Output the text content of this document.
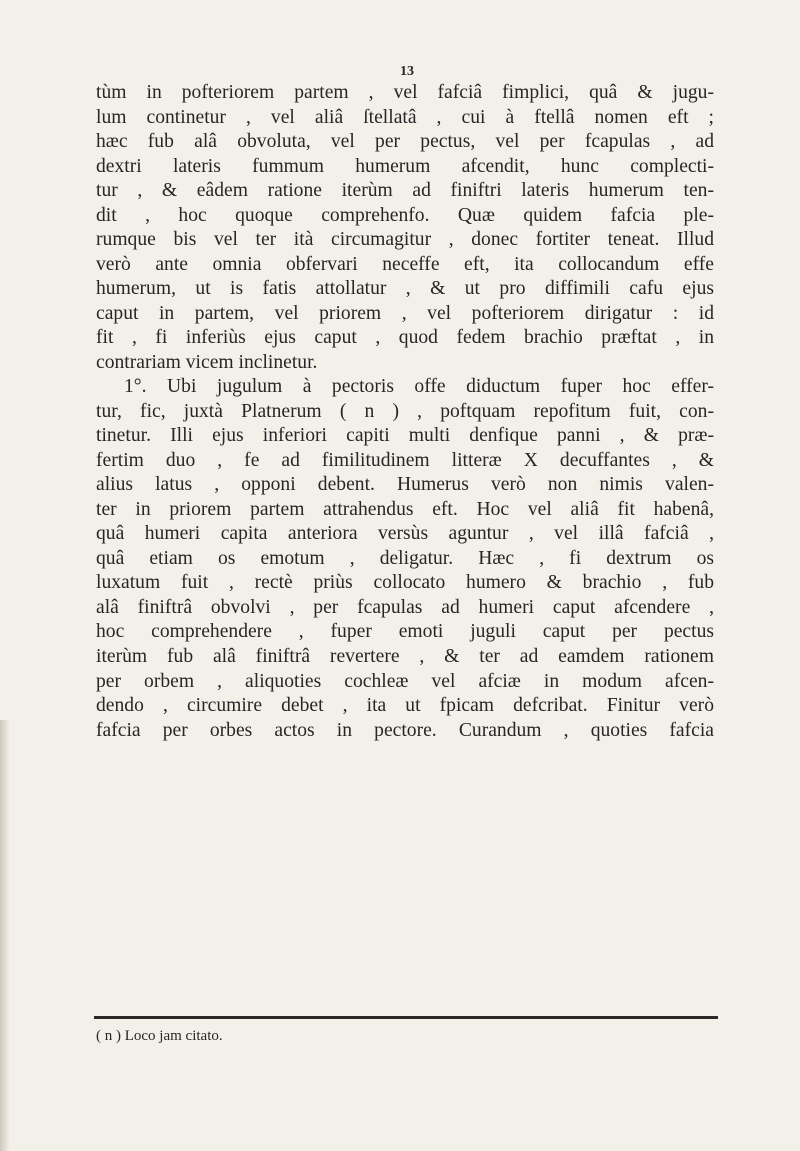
13
tùm in pofteriorem partem , vel fafciâ fimplici, quâ & jugu-
lum continetur , vel aliâ ſtellatâ , cui à ftellâ nomen eft ;
hæc fub alâ obvoluta, vel per pectus, vel per fcapulas , ad
dextri lateris fummum humerum afcendit, hunc complecti-
tur , & eâdem ratione iterùm ad finiftri lateris humerum ten-
dit , hoc quoque comprehenfo. Quæ quidem fafcia ple-
rumque bis vel ter ità circumagitur , donec fortiter teneat. Illud
verò ante omnia obfervari neceffe eft, ita collocandum effe
humerum, ut is fatis attollatur , & ut pro diffimili cafu ejus
caput in partem, vel priorem , vel pofteriorem dirigatur : id
fit , fi inferiùs ejus caput , quod fedem brachio præftat , in
contrariam vicem inclinetur.
1°. Ubi jugulum à pectoris offe diductum fuper hoc effer-
tur, fic, juxtà Platnerum ( n ) , poftquam repofitum fuit, con-
tinetur. Illi ejus inferiori capiti multi denfique panni , & præ-
fertim duo , fe ad fimilitudinem litteræ X decuffantes , &
alius latus , opponi debent. Humerus verò non nimis valen-
ter in priorem partem attrahendus eft. Hoc vel aliâ fit habenâ,
quâ humeri capita anteriora versùs aguntur , vel illâ fafciâ ,
quâ etiam os emotum , deligatur. Hæc , fi dextrum os
luxatum fuit , rectè priùs collocato humero & brachio , fub
alâ finiftrâ obvolvi , per fcapulas ad humeri caput afcendere ,
hoc comprehendere , fuper emoti juguli caput per pectus
iterùm fub alâ finiftrâ revertere , & ter ad eamdem rationem
per orbem , aliquoties cochleæ vel afciæ in modum afcen-
dendo , circumire debet , ita ut fpicam defcribat. Finitur verò
fafcia per orbes actos in pectore. Curandum , quoties fafcia
( n ) Loco jam citato.
